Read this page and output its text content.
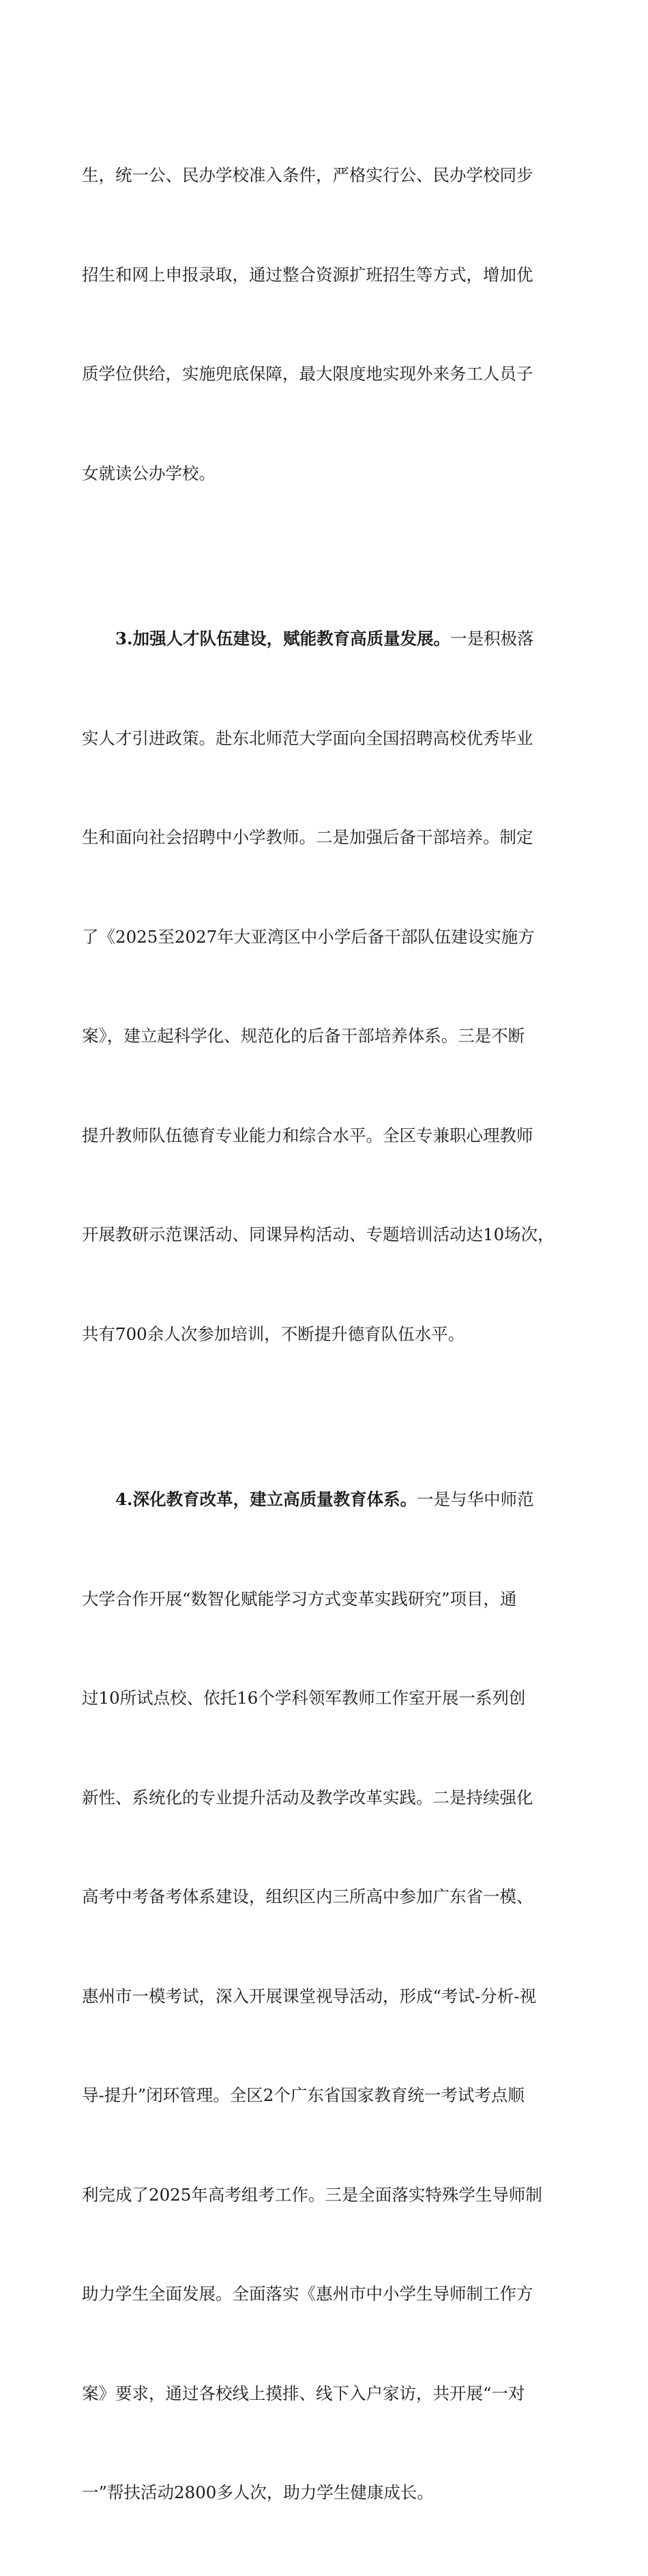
生，统一公、民办学校准入条件，严格实行公、民办学校同步

招生和网上申报录取，通过整合资源扩班招生等方式，增加优

质学位供给，实施兜底保障，最大限度地实现外来务工人员子

女就读公办学校。

3.加强人才队伍建设，赋能教育高质量发展。一是积极落

实人才引进政策。赴东北师范大学面向全国招聘高校优秀毕业

生和面向社会招聘中小学教师。二是加强后备干部培养。制定

了《2025至2027年大亚湾区中小学后备干部队伍建设实施方

案》，建立起科学化、规范化的后备干部培养体系。三是不断

提升教师队伍德育专业能力和综合水平。全区专兼职心理教师

开展教研示范课活动、同课异构活动、专题培训活动达10场次，

共有700余人次参加培训，不断提升德育队伍水平。

4.深化教育改革，建立高质量教育体系。一是与华中师范

大学合作开展“数智化赋能学习方式变革实践研究”项目，通

过10所试点校、依托16个学科领军教师工作室开展一系列创

新性、系统化的专业提升活动及教学改革实践。二是持续强化

高考中考备考体系建设，组织区内三所高中参加广东省一模、

惠州市一模考试，深入开展课堂视导活动，形成“考试-分析-视

导-提升”闭环管理。全区2个广东省国家教育统一考试考点顺

利完成了2025年高考组考工作。三是全面落实特殊学生导师制

助力学生全面发展。全面落实《惠州市中小学生导师制工作方

案》要求，通过各校线上摸排、线下入户家访，共开展“一对

一”帮扶活动2800多人次，助力学生健康成长。
